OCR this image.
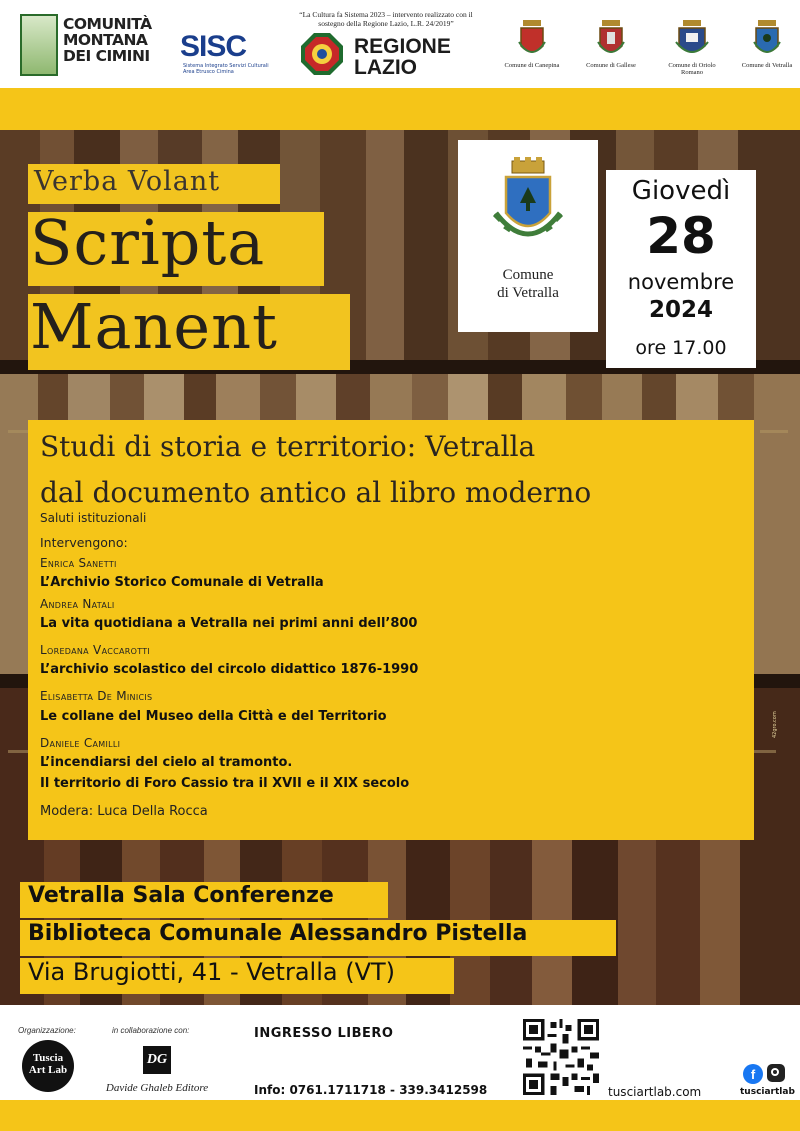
COMUNITÀ
MONTANA
DEI CIMINI SISC
Sistema Integrato Servizi Culturali Area Etrusco Cimina
“La Cultura fa Sistema 2023 – intervento realizzato con il sostegno della Regione Lazio, L.R. 24/2019”
REGIONE
LAZIO	Comune di Canepina	Comune di Gallese	Comune di Oriolo Romano
Comune di Vetralla
Verba Volant
Scripta
Manent
Comune
di Vetralla
Giovedì
28
novembre
2024
ore 17.00
Studi di storia e territorio: Vetralla
dal documento antico al libro moderno
Saluti istituzionali
Intervengono:
Enrica Sanetti
L’Archivio Storico Comunale di Vetralla
Andrea Natali
La vita quotidiana a Vetralla nei primi anni dell’800
Loredana Vaccarotti
L’archivio scolastico del circolo didattico 1876-1990
Elisabetta De Minicis
Le collane del Museo della Città e del Territorio
Daniele Camilli
L’incendiarsi del cielo al tramonto.
Il territorio di Foro Cassio tra il XVII e il XIX secolo
Modera: Luca Della Rocca
42gro.com
Vetralla Sala Conferenze
Biblioteca Comunale Alessandro Pistella
Via Brugiotti, 41 - Vetralla (VT)
Organizzazione:	in collaborazione con:
Tuscia
Art Lab
DG
Davide Ghaleb Editore
INGRESSO LIBERO
Info: 0761.1711718 - 339.3412598	tusciartlab.com
f
tusciartlab
